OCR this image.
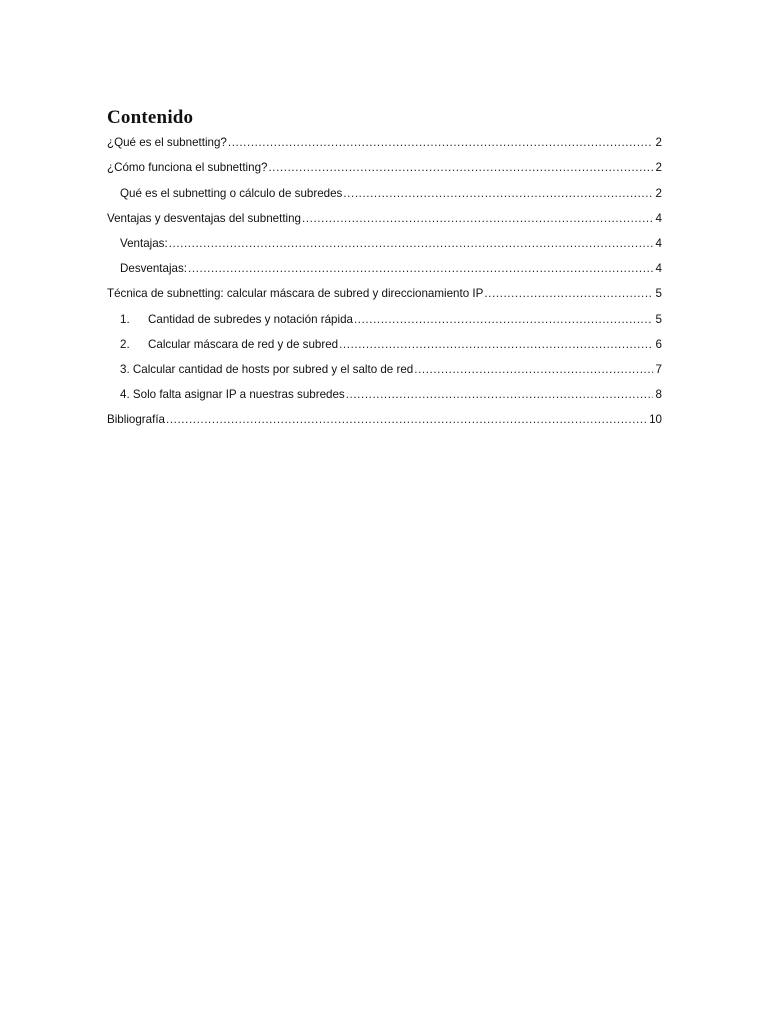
Contenido
¿Qué es el subnetting? .....	2
¿Cómo funciona el subnetting? .....	2
Qué es el subnetting o cálculo de subredes .....	2
Ventajas y desventajas del subnetting .....	4
Ventajas: .....	4
Desventajas: .....	4
Técnica de subnetting: calcular máscara de subred y direccionamiento IP .....	5
1.	Cantidad de subredes y notación rápida .....	5
2.	Calcular máscara de red y de subred .....	6
3. Calcular cantidad de hosts por subred y el salto de red .....	7
4. Solo falta asignar IP a nuestras subredes .....	8
Bibliografía .....	10
